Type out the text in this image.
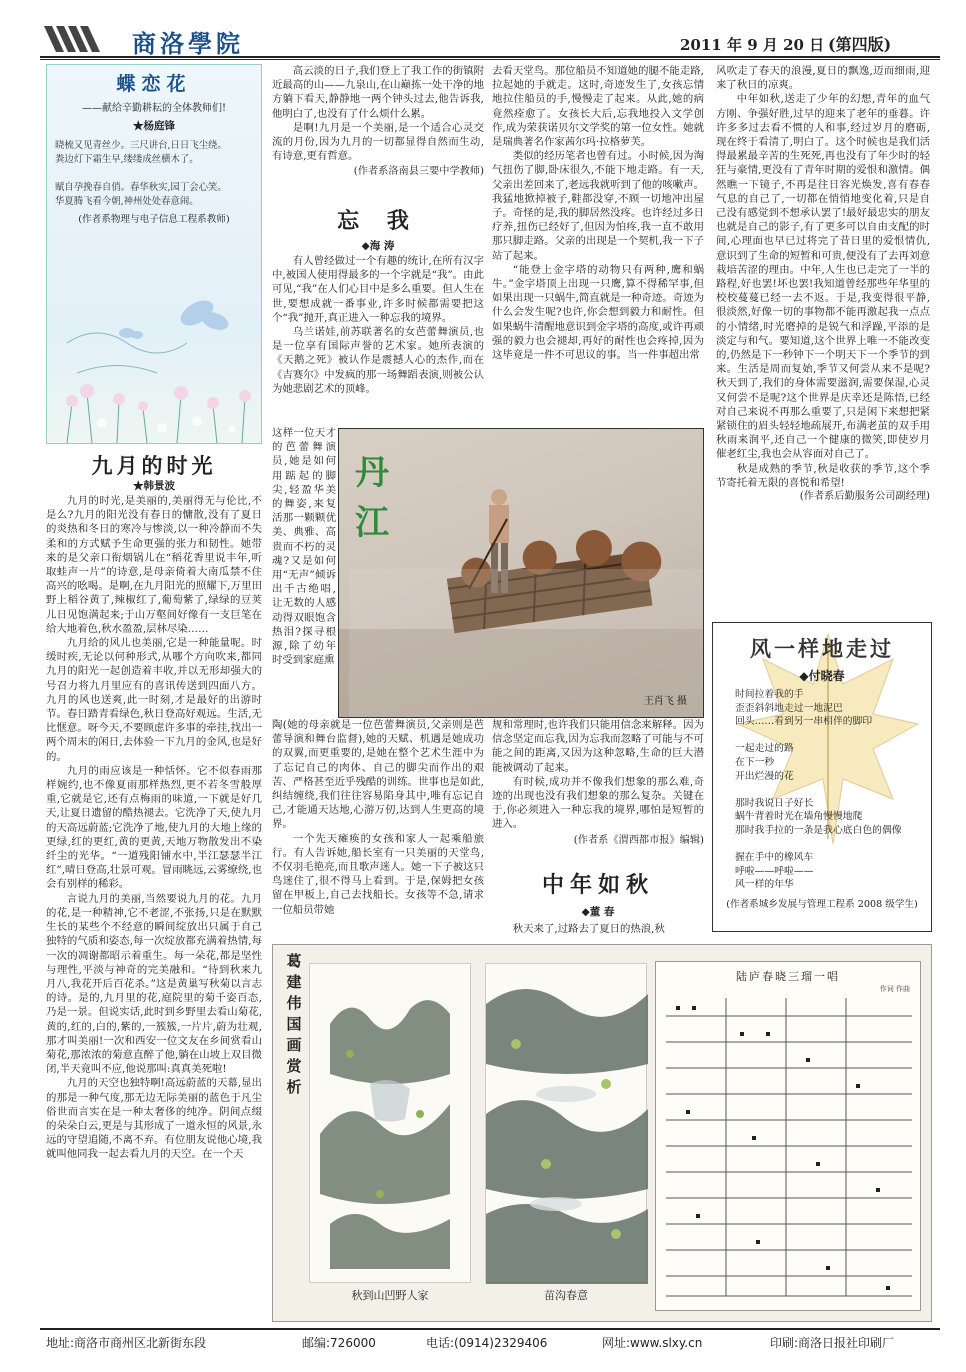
商洛學院	2011 年 9 月 20 日 (第四版)
蝶恋花
——献给辛勤耕耘的全体教师们!
★杨庭锋
晓梳又见青丝少。三尺讲台,日日飞尘绕。
粪边灯下霜生早,缕缕成丝横木了。
赋自孕挽春自俏。春华秋实,园丁会心笑。
华夏腾飞看今朝,神州处处春意闹。
(作者系物理与电子信息工程系教师)
九月的时光
★韩景波

九月的时光,是美丽的,美丽得无与伦比,不是么?九月的阳光没有春日的慵散,没有了夏日的炎热和冬日的寒冷与惨淡,以一种冷静而不失柔和的方式赋予生命更强的张力和韧性。她带来的是父亲口衔烟锅儿在“稻花香里说丰年,听取蛙声一片”的诗意,是母亲倚着大南瓜禁不住高兴的吆喝。是啊,在九月阳光的照耀下,万里田野上稻谷黄了,辣椒红了,葡萄紫了,绿绿的豆荚儿日见饱满起来;于山万壑间好像有一支巨笔在给大地着色,秋水盈盈,层林尽染……

九月给的风儿也美丽,它是一种能量呢。时缓时疾,无论以何种形式,从哪个方向吹来,都同九月的阳光一起创造着丰收,并以无形却强大的号召力将九月里应有的喜讯传送到四面八方。九月的风也送爽,此一时刻,才是最好的出游时节。春日踏青看绿色,秋日登高好观远。生活,无比惬意。呀今天,不要顾虑许多事的牵挂,找出一两个周末的闲日,去体验一下九月的金风,也是好的。

九月的雨应该是一种恬怀。它不似春雨那样婉约,也不像夏雨那样热烈,更不若冬雪般厚重,它就是它,还有点梅雨的味道,一下就是好几天,让夏日遗留的酷热褪去。它洗净了天,使九月的天高远蔚蓝;它洗净了地,使九月的大地上缘的更绿,红的更红,黄的更黄,天地万物散发出不染纤尘的光华。“一道残阳铺水中,半江瑟瑟半江红”,晴日登高,壮景可观。冒雨眺远,云雾缭绕,也会有别样的稀彩。

言说九月的美丽,当然要说九月的花。九月的花,是一种精神,它不老涩,不张扬,只是在默默生长的某些个不经意的瞬间绽放出只属于自己独特的气质和姿态,每一次绽放都充满着热情,每一次的凋谢都昭示着重生。每一朵花,都是坚性与理性,平淡与神奇的完美融和。“待到秋来九月八,我花开后百花杀。”这是黄巢写秋菊以言志的诗。是的,九月里的花,庭院里的菊千姿百态,乃是一景。但说实话,此时到乡野里去看山菊花,黄的,红的,白的,紫的,一簇簇,一片片,蔚为壮观,那才叫美丽!一次和西安一位文友在乡间赏看山菊花,那浓浓的菊意直醉了他,躺在山坡上双目微闭,半天竟叫不应,他说那叫:真真美死啦!

九月的天空也独特啊!高远蔚蓝的天幕,显出的那是一种气度,那无边无际美丽的蓝色于凡尘俗世而言实在是一种太奢侈的纯净。阴间点缀的朵朵白云,更是与其形成了一道永恒的风景,永远的守望追随,不离不弃。有位朋友说他心境,我就叫他同我一起去看九月的天空。在一个天

高云淡的日子,我们登上了我工作的街镇附近最高的山——九泉山,在山巅拣一处干净的地方躺下看天,静静地一两个钟头过去,他告诉我,他明白了,也没有了什么烦什么累。

是啊!九月是一个美丽,是一个适合心灵交流的月份,因为九月的一切都显得自然而生动,有诗意,更有哲意。

(作者系洛南县三要中学教师)
忘 我
◆海 涛

有人曾经做过一个有趣的统计,在所有汉字中,被国人使用得最多的一个字就是“我”。由此可见,“我”在人们心目中是多么重要。但人生在世,要想成就一番事业,许多时候都需要把这个“我”抛开,真正进入一种忘我的境界。

乌兰诺娃,前苏联著名的女芭蕾舞演员,也是一位享有国际声誉的艺术家。她所表演的《天鹅之死》被认作是震撼人心的杰作,而在《吉赛尔》中发疯的那一场舞蹈表演,则被公认为她悲剧艺术的顶峰。

这样一位天才的芭蕾舞演员,她是如何用踮起的脚尖,轻盈华美的舞姿,来复活那一颗颗优美、典雅、高贵而不朽的灵魂?又是如何用“无声”倾诉出千古绝唱,让无数的人感动得双眼饱含热泪?探寻根源,除了幼年时受到家庭熏
陶(她的母亲就是一位芭蕾舞演员,父亲则是芭蕾导演和舞台监督),她的天赋、机遇是她成功的双翼,而更重要的,是她在整个艺术生涯中为了忘记自己的肉体、自己的脚尖而作出的艰苦、严格甚至近乎残酷的训练。世事也是如此,纠结缠绕,我们往往容易陷身其中,唯有忘记自己,才能通天达地,心游万仞,达到人生更高的境界。

一个先天瘫痪的女孩和家人一起乘船旅行。有人告诉她,船长室有一只美丽的天堂鸟,不仅羽毛艳亮,而且歌声迷人。她一下子被这只鸟迷住了,很不得马上看到。于是,保姆把女孩留在甲板上,自己去找船长。女孩等不急,请求一位船员带她

去看天堂鸟。那位船员不知道她的腿不能走路,拉起她的手就走。这时,奇迹发生了,女孩忘情地拉住船员的手,慢慢走了起来。从此,她的病竟然痊愈了。女孩长大后,忘我地投入文学创作,成为荣获诺贝尔文学奖的第一位女性。她就是瑞典著名作家茜尔玛·拉格萝芙。

类似的经历笔者也曾有过。小时候,因为淘气扭伤了脚,卧床很久,不能下地走路。有一天,父亲出差回来了,老远我就听到了他的咳嗽声。我猛地掀掉被子,鞋都没穿,不顾一切地冲出屋子。奇怪的是,我的脚居然没疼。也许经过多日疗养,扭伤已经好了,但因为怕疼,我一直不敢用那只脚走路。父亲的出现是一个契机,我一下子站了起来。

“能登上金字塔的动物只有两种,鹰和蜗牛。”金字塔顶上出现一只鹰,算不得稀罕事,但如果出现一只蜗牛,简直就是一种奇迹。奇迹为什么会发生呢?也许,你会想到毅力和耐性。但如果蜗牛清醒地意识到金字塔的高度,或许再顽强的毅力也会褪却,再好的耐性也会疼掉,因为这毕竟是一件不可思议的事。当一件事超出常

丹
江
王肖飞 摄

规和常理时,也许我们只能用信念来解释。因为信念坚定而忘我,因为忘我而忽略了可能与不可能之间的距离,又因为这种忽略,生命的巨大潜能被调动了起来。

有时候,成功并不像我们想象的那么难,奇迹的出现也没有我们想象的那么复杂。关键在于,你必须进入一种忘我的境界,哪怕是短暂的进入。

(作者系《渭西都市报》编辑)
中年如秋
◆董 春

秋天来了,过路去了夏日的热浪,秋

风吹走了春天的浪漫,夏日的飘逸,迈而细雨,迎来了秋日的凉爽。

中年如秋,送走了少年的幻想,青年的血气方刚、争强好胜,过早的迎来了老年的垂暮。许许多多过去看不惯的人和事,经过岁月的磨砺,现在终于看清了,明白了。这个时候也是我们活得最累最辛苦的生死死,再也没有了年少时的轻狂与豪情,更没有了青年时期的爱恨和激情。偶然瞧一下镜子,不再是往日容光焕发,喜有春春气息的自己了,一切都在悄悄地变化着,只是自己没有感觉到不想承认罢了!最好最忠实的朋友也就是自己的影子,有了更多可以自由支配的时间,心理面也早已过将完了昔日里的爱恨情仇,意识到了生命的短暂和可贵,便没有了去再刘意栽培苦涩的理由。中年,人生也已走完了一半的路程,好也罢!坏也罢!我知道曾经那些年华里的校校蔓蔓已经一去不返。于是,我变得很平静,很淡然,好像一切的事物都不能再激起我一点点的小情绪,时光磨掉的是锐气和浮躁,平添的是淡定与和气。要知道,这个世界上唯一不能改变的,仍然是下一秒钟下一个明天下一个季节的到来。生活是周而复始,季节又何尝从来不是呢?秋天到了,我们的身体需要滋润,需要保湿,心灵又何尝不是呢?这个世界是庆幸还是陈悟,已经对自己来说不再那么重要了,只是闲下来想把紧紧锁住的眉头轻轻地疏展开,布满老茧的双手用秋雨来润平,还自己一个健康的微笑,即使岁月催老红尘,我也会从容面对自己了。

秋是成熟的季节,秋是收获的季节,这个季节寄托着无限的喜悦和希望!

(作者系后勤服务公司副经理)
风一样地走过
◆付晓春
时间拉着我的手
歪歪斜斜地走过一地泥巴
回头……看到另一串相伴的脚印
一起走过的路
在下一秒
开出烂漫的花
那时我说日子好长
蜗牛背着时光在墙角慢慢地爬
那时我手拉的一条是我心底白色的偶像
握在手中的橡风车
呼啦——呼啦——
风一样的年华
(作者系城乡发展与管理工程系 2008 级学生)
葛
建
伟
国
画
赏
析
秋到山凹野人家	苗沟春意
陆庐春晓三瑠一唱
作词 作曲
地址:商洛市商州区北新街东段	邮编:726000	电话:(0914)2329406	网址:www.slxy.cn	印刷:商洛日报社印刷厂
